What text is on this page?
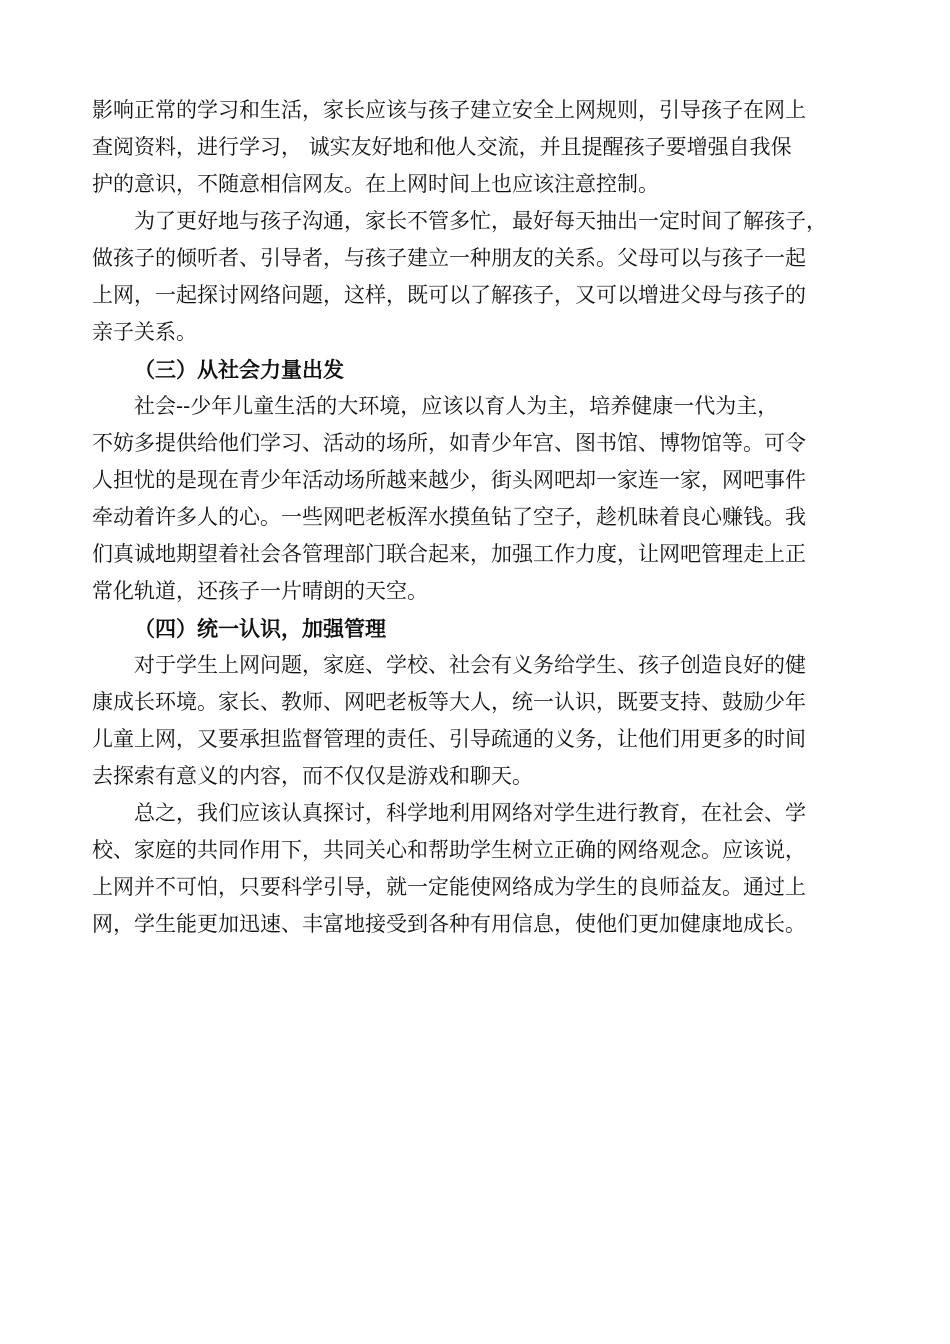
影响正常的学习和生活，家长应该与孩子建立安全上网规则，引导孩子在网上
查阅资料，进行学习， 诚实友好地和他人交流，并且提醒孩子要增强自我保
护的意识，不随意相信网友。在上网时间上也应该注意控制。
　　为了更好地与孩子沟通，家长不管多忙，最好每天抽出一定时间了解孩子，
做孩子的倾听者、引导者，与孩子建立一种朋友的关系。父母可以与孩子一起
上网，一起探讨网络问题，这样，既可以了解孩子，又可以增进父母与孩子的
亲子关系。
（三）从社会力量出发
　　社会--少年儿童生活的大环境，应该以育人为主，培养健康一代为主，
不妨多提供给他们学习、活动的场所，如青少年宫、图书馆、博物馆等。可令
人担忧的是现在青少年活动场所越来越少，街头网吧却一家连一家，网吧事件
牵动着许多人的心。一些网吧老板浑水摸鱼钻了空子，趁机昧着良心赚钱。我
们真诚地期望着社会各管理部门联合起来，加强工作力度，让网吧管理走上正
常化轨道，还孩子一片晴朗的天空。
（四）统一认识，加强管理
　　对于学生上网问题，家庭、学校、社会有义务给学生、孩子创造良好的健
康成长环境。家长、教师、网吧老板等大人，统一认识，既要支持、鼓励少年
儿童上网，又要承担监督管理的责任、引导疏通的义务，让他们用更多的时间
去探索有意义的内容，而不仅仅是游戏和聊天。
　　总之，我们应该认真探讨，科学地利用网络对学生进行教育，在社会、学
校、家庭的共同作用下，共同关心和帮助学生树立正确的网络观念。应该说，
上网并不可怕，只要科学引导，就一定能使网络成为学生的良师益友。通过上
网，学生能更加迅速、丰富地接受到各种有用信息，使他们更加健康地成长。
